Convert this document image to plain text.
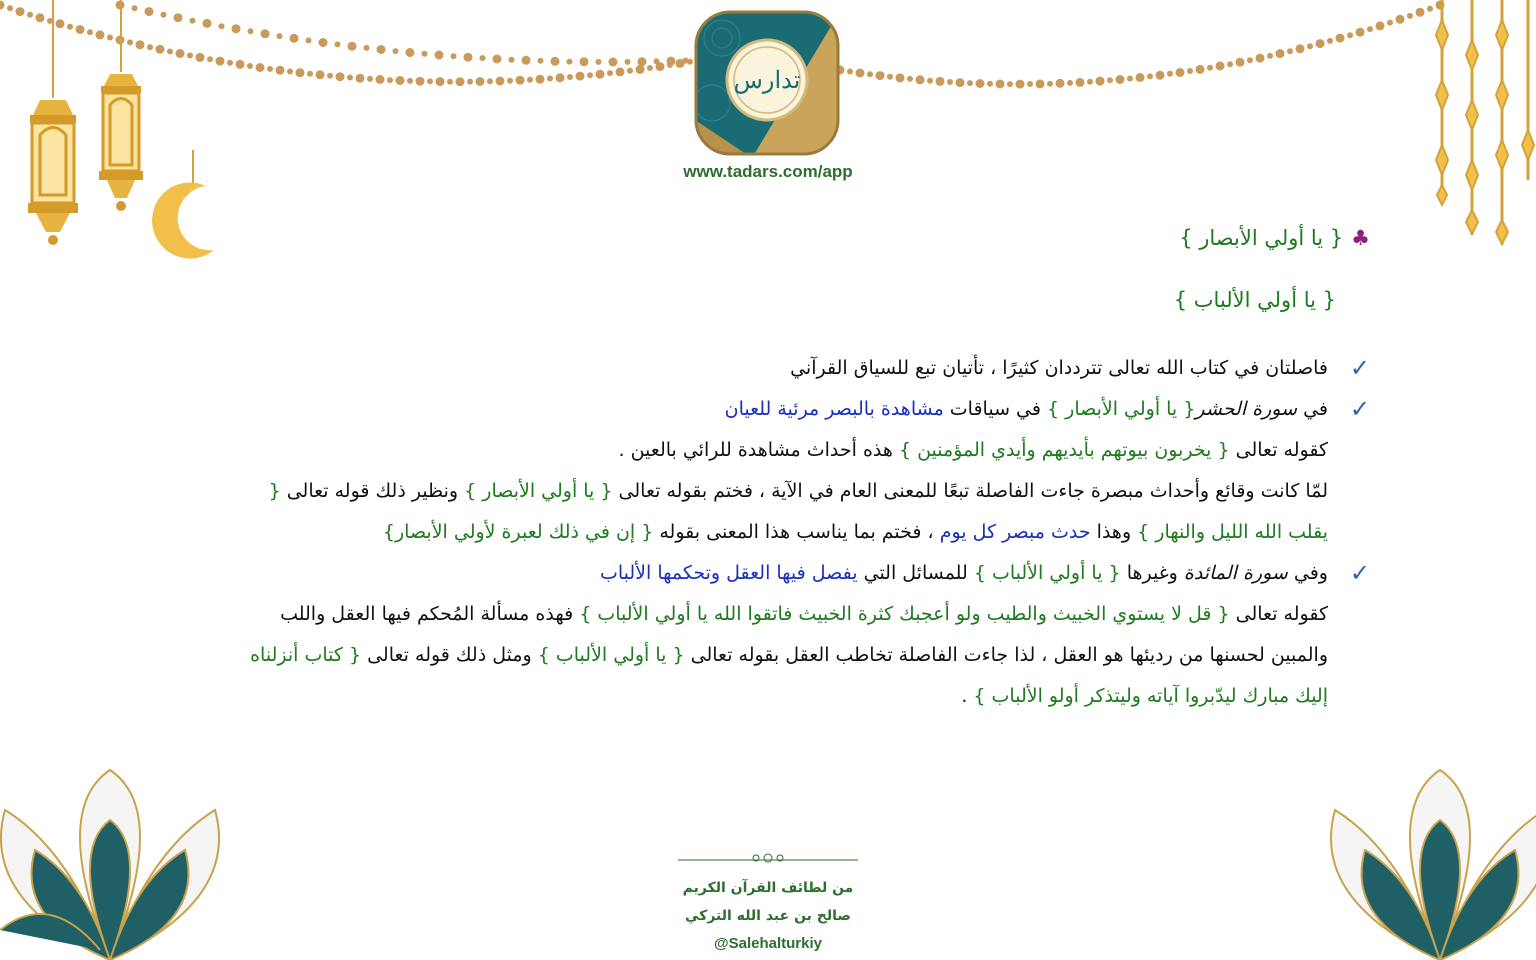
تدارس
www.tadars.com/app
♣{ يا أولي الأبصار }
{ يا أولي الألباب }
✓

فاصلتان في كتاب الله تعالى تترددان كثيرًا ، تأتيان تبع للسياق القرآني

✓

في سورة الحشر{ يا أولي الأبصار } في سياقات مشاهدة بالبصر مرئية للعيان
كقوله تعالى { يخربون بيوتهم بأيديهم وأيدي المؤمنين } هذه أحداث مشاهدة للرائي بالعين .
لمّا كانت وقائع وأحداث مبصرة جاءت الفاصلة تبعًا للمعنى العام في الآية ، فختم بقوله تعالى { يا أولي الأبصار } ونظير ذلك قوله تعالى { يقلب الله الليل والنهار } وهذا حدث مبصر كل يوم ، فختم بما يناسب هذا المعنى بقوله { إن في ذلك لعبرة لأولي الأبصار}

✓

وفي سورة المائدة وغيرها { يا أولي الألباب } للمسائل التي يفصل فيها العقل وتحكمها الألباب
كقوله تعالى { قل لا يستوي الخبيث والطيب ولو أعجبك كثرة الخبيث فاتقوا الله يا أولي الألباب } فهذه مسألة المُحكم فيها العقل واللب والمبين لحسنها من رديئها هو العقل ، لذا جاءت الفاصلة تخاطب العقل بقوله تعالى { يا أولي الألباب } ومثل ذلك قوله تعالى { كتاب أنزلناه إليك مبارك ليدّبروا آياته وليتذكر أولو الألباب } .

من لطائف القرآن الكريم
صالح بن عبد الله التركي
@Salehalturkiy
